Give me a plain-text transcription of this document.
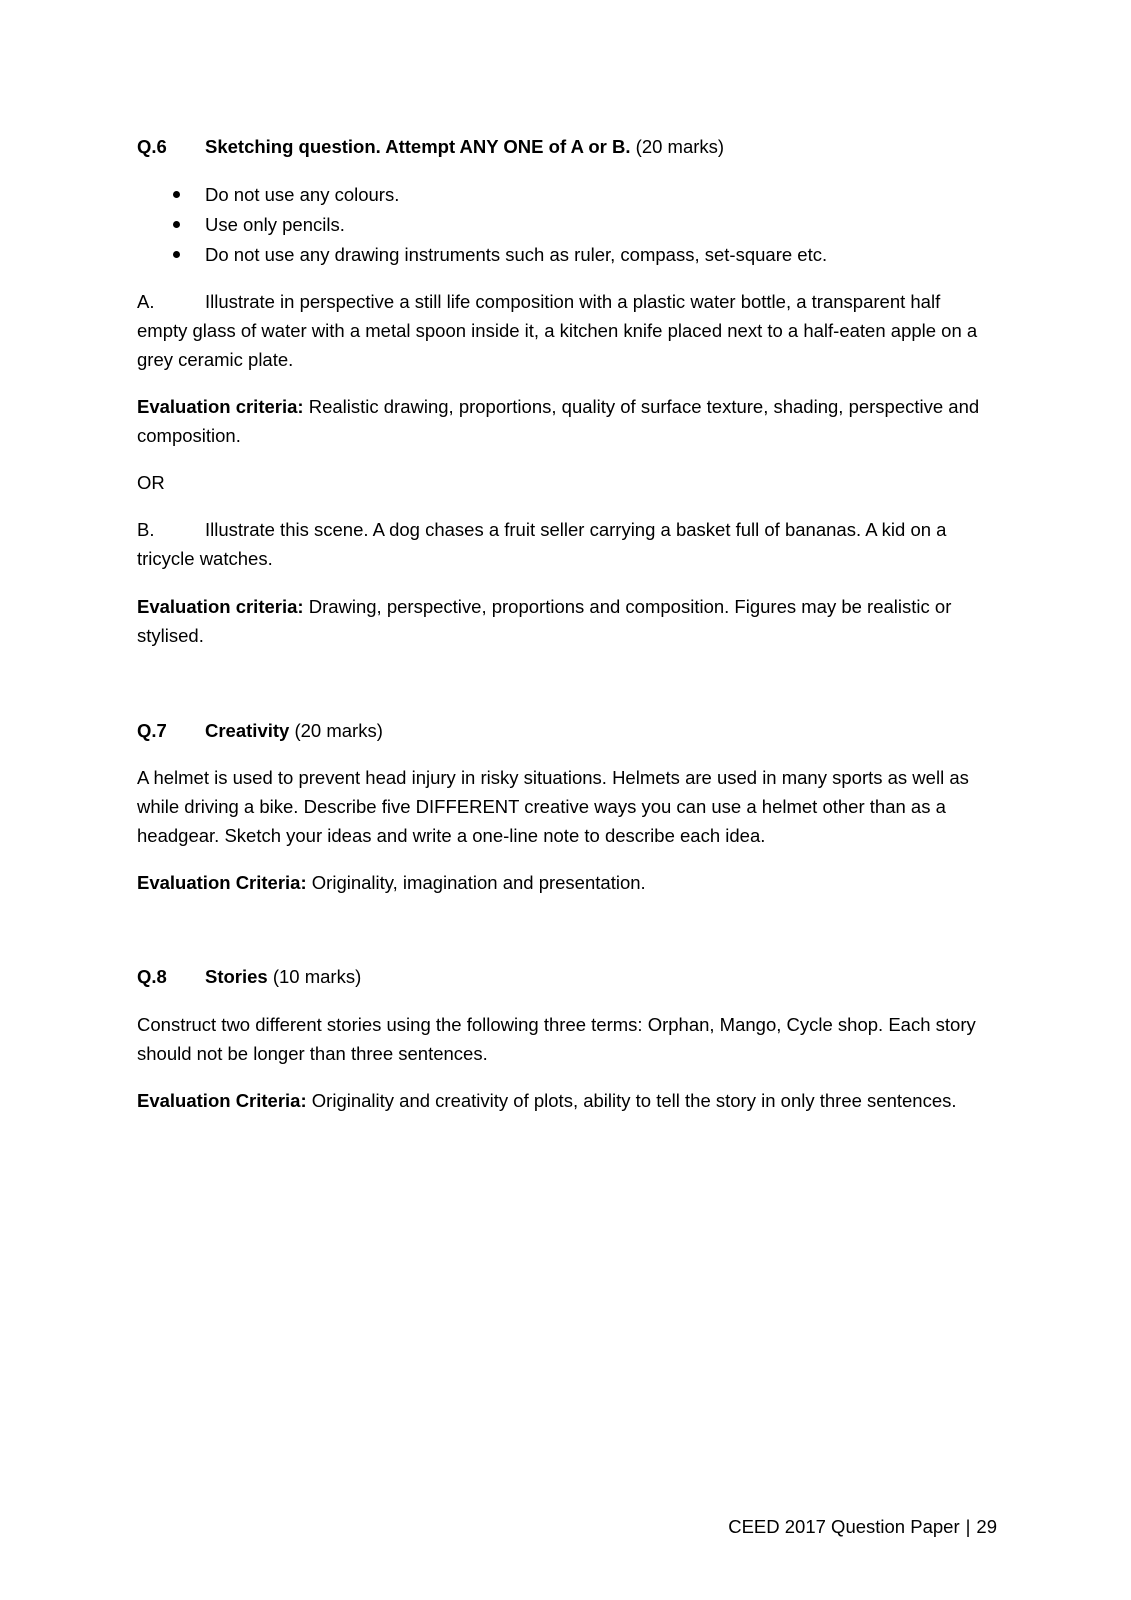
Q.6 Sketching question. Attempt ANY ONE of A or B. (20 marks)
Do not use any colours.
Use only pencils.
Do not use any drawing instruments such as ruler, compass, set-square etc.
A.	Illustrate in perspective a still life composition with a plastic water bottle, a transparent half
empty glass of water with a metal spoon inside it, a kitchen knife placed next to a half-eaten apple on a grey ceramic plate.
Evaluation criteria: Realistic drawing, proportions, quality of surface texture, shading, perspective and composition.
OR
B.	Illustrate this scene. A dog chases a fruit seller carrying a basket full of bananas. A kid on a
tricycle watches.
Evaluation criteria: Drawing, perspective, proportions and composition. Figures may be realistic or stylised.
Q.7 Creativity (20 marks)
A helmet is used to prevent head injury in risky situations. Helmets are used in many sports as well as while driving a bike. Describe five DIFFERENT creative ways you can use a helmet other than as a headgear. Sketch your ideas and write a one-line note to describe each idea.
Evaluation Criteria: Originality, imagination and presentation.
Q.8 Stories (10 marks)
Construct two different stories using the following three terms: Orphan, Mango, Cycle shop. Each story should not be longer than three sentences.
Evaluation Criteria: Originality and creativity of plots, ability to tell the story in only three sentences.
CEED 2017 Question Paper | 29
